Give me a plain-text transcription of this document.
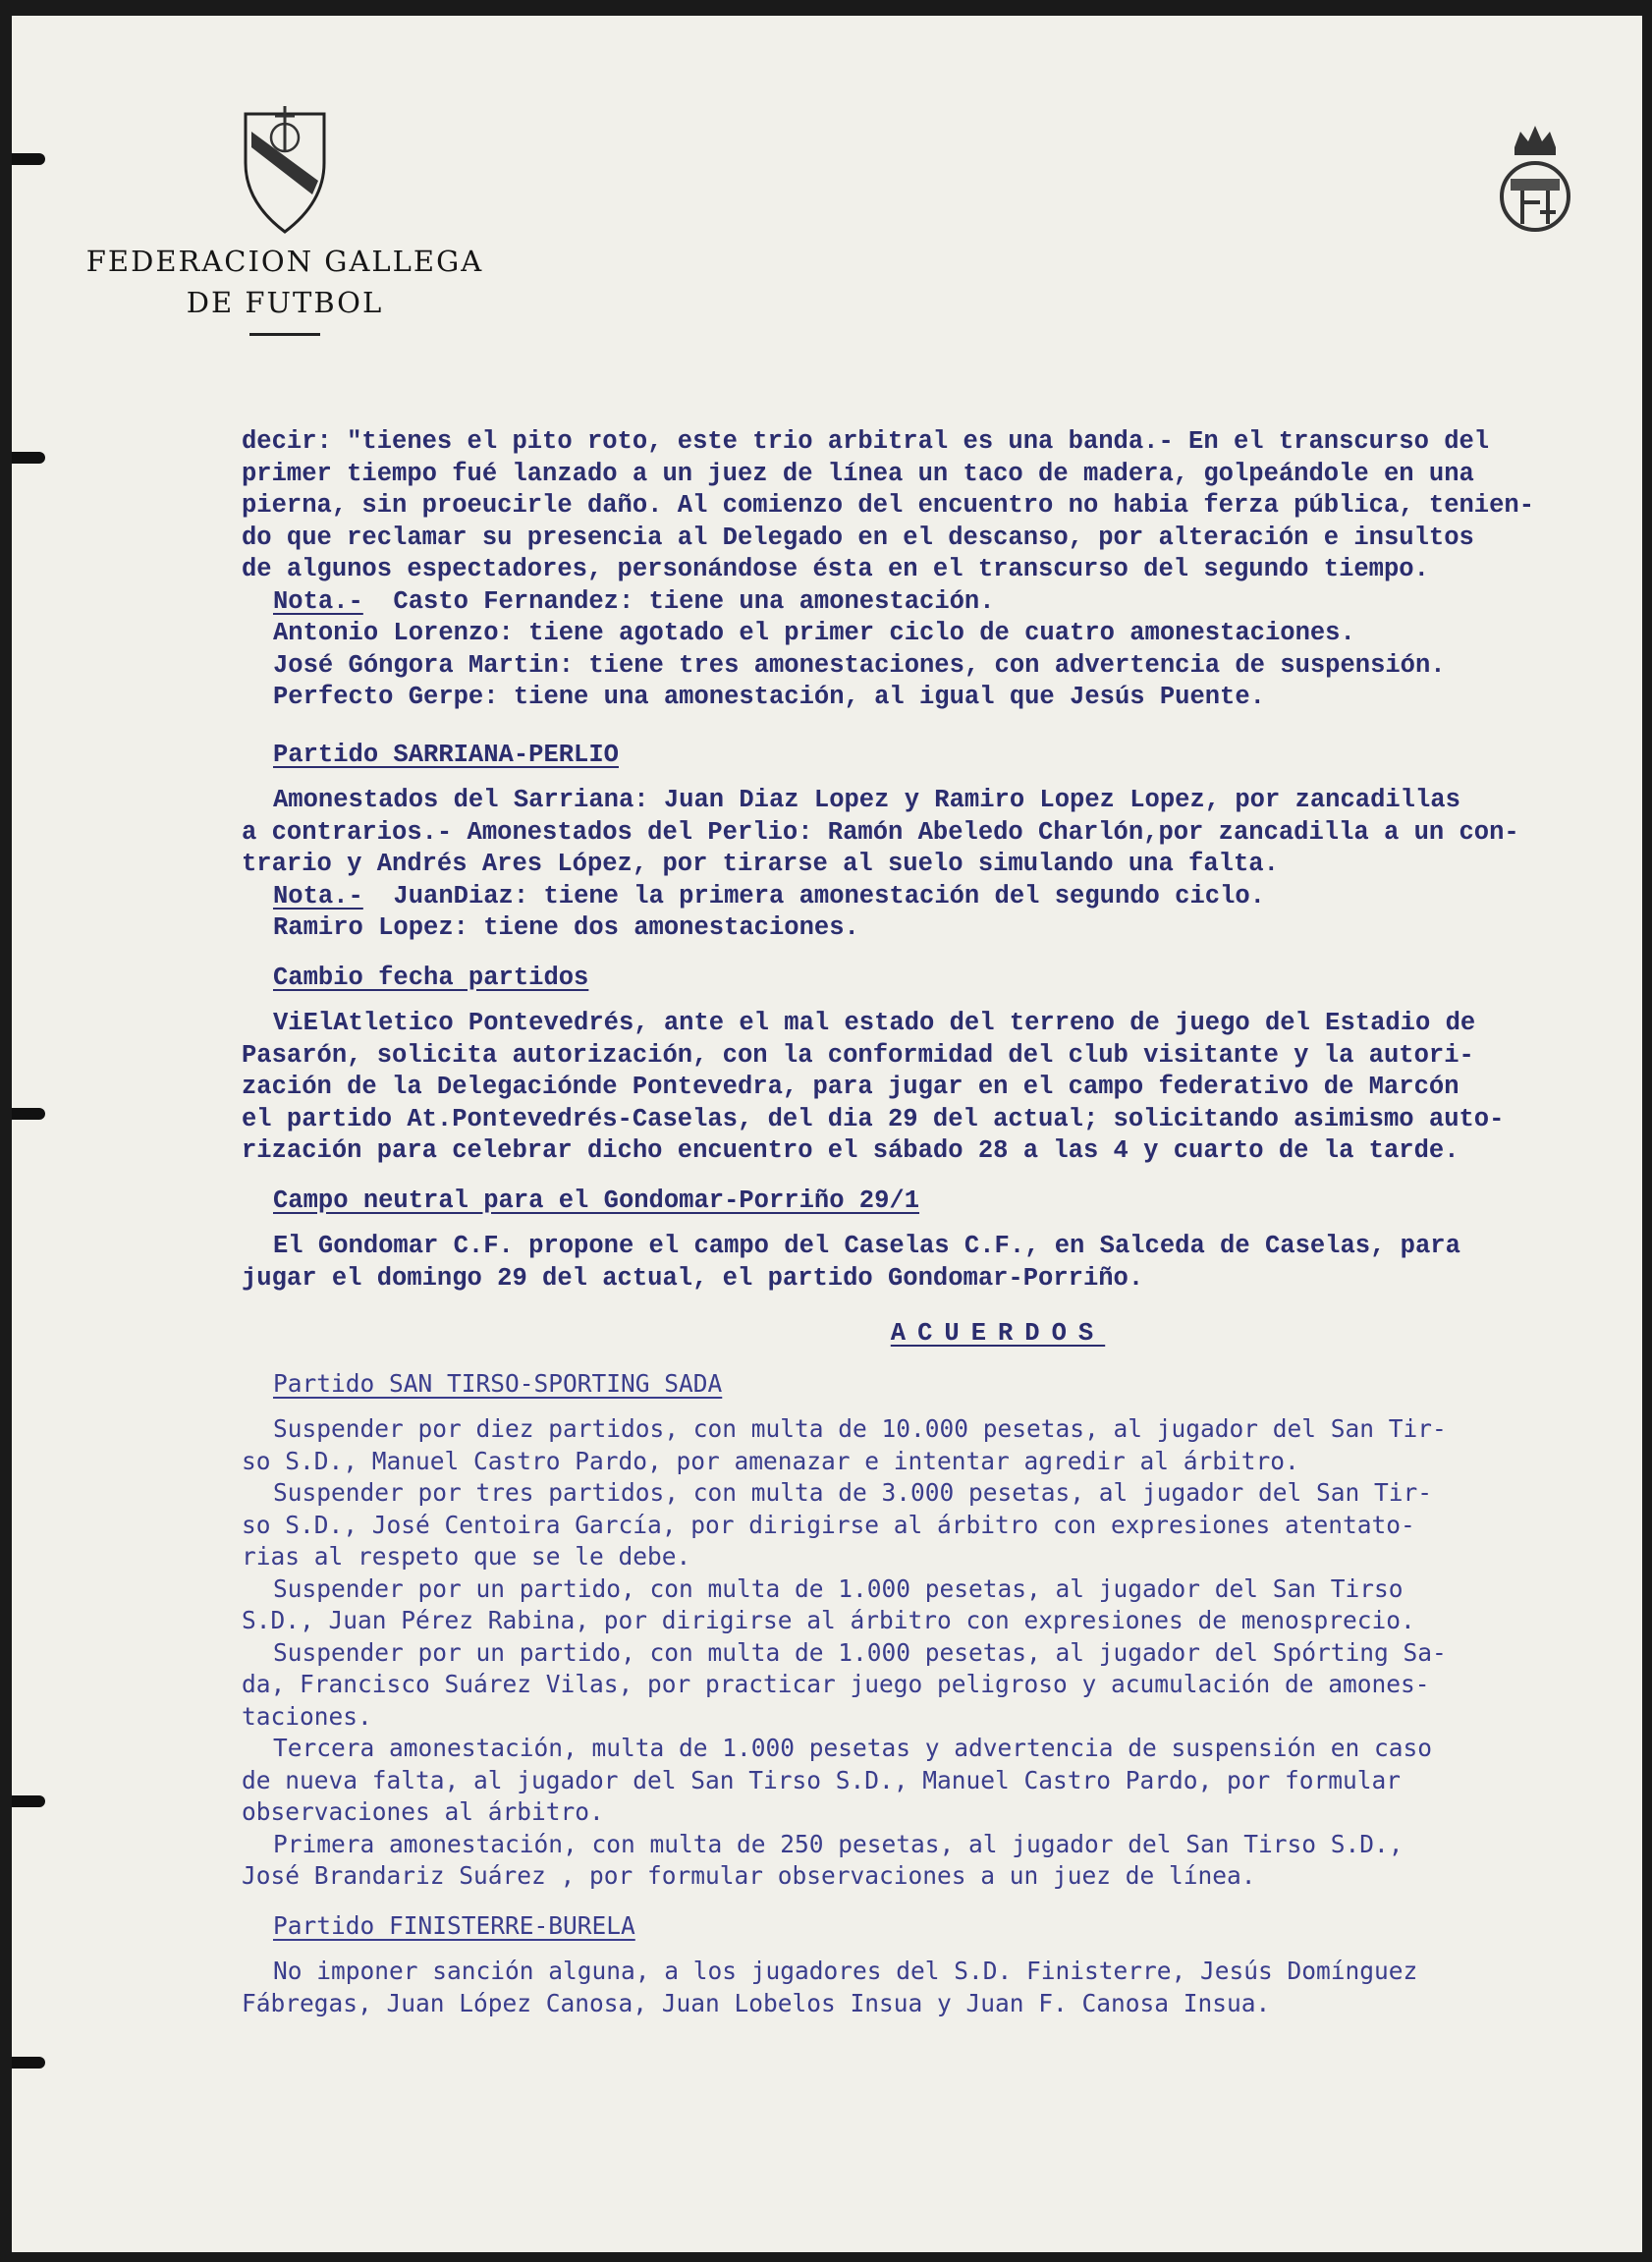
FEDERACION GALLEGA
DE FUTBOL

decir: "tienes el pito roto, este trio arbitral es una banda.- En el transcurso del

primer tiempo fué lanzado a un juez de línea un taco de madera, golpeándole en una

pierna, sin proeucirle daño. Al comienzo del encuentro no habia ferza pública, tenien-

do que reclamar su presencia al Delegado en el descanso, por alteración e insultos

de algunos espectadores, personándose ésta en el transcurso del segundo tiempo.

Nota.-  Casto Fernandez: tiene una amonestación.

Antonio Lorenzo: tiene agotado el primer ciclo de cuatro amonestaciones.

José Góngora Martin: tiene tres amonestaciones, con advertencia de suspensión.

Perfecto Gerpe: tiene una amonestación, al igual que Jesús Puente.

Partido SARRIANA-PERLIO

Amonestados del Sarriana: Juan Diaz Lopez y Ramiro Lopez Lopez, por zancadillas

a contrarios.- Amonestados del Perlio: Ramón Abeledo Charlón,por zancadilla a un con-

trario y Andrés Ares López, por tirarse al suelo simulando una falta.

Nota.-  JuanDiaz: tiene la primera amonestación del segundo ciclo.

Ramiro Lopez: tiene dos amonestaciones.

Cambio fecha partidos

ViElAtletico Pontevedrés, ante el mal estado del terreno de juego del Estadio de

Pasarón, solicita autorización, con la conformidad del club visitante y la autori-

zación de la Delegacióndе Pontevedra, para jugar en el campo federativo de Marcón

el partido At.Pontevedrés-Caselas, del dia 29 del actual; solicitando asimismo auto-

rización para celebrar dicho encuentro el sábado 28 a las 4 y cuarto de la tarde.

Campo neutral para el Gondomar-Porriño 29/1

El Gondomar C.F. propone el campo del Caselas C.F., en Salceda de Caselas, para

jugar el domingo 29 del actual, el partido Gondomar-Porriño.

ACUERDOS

Partido SAN TIRSO-SPORTING SADA

Suspender por diez partidos, con multa de 10.000 pesetas, al jugador del San Tir-

so S.D., Manuel Castro Pardo, por amenazar e intentar agredir al árbitro.

Suspender por tres partidos, con multa de 3.000 pesetas, al jugador del San Tir-

so S.D., José Centoira García, por dirigirse al árbitro con expresiones atentato-

rias al respeto que se le debe.

Suspender por un partido, con multa de 1.000 pesetas, al jugador del San Tirso

S.D., Juan Pérez Rabina, por dirigirse al árbitro con expresiones de menosprecio.

Suspender por un partido, con multa de 1.000 pesetas, al jugador del Spórting Sa-

da, Francisco Suárez Vilas, por practicar juego peligroso y acumulación de amones-

taciones.

Tercera amonestación, multa de 1.000 pesetas y advertencia de suspensión en caso

de nueva falta, al jugador del San Tirso S.D., Manuel Castro Pardo, por formular

observaciones al árbitro.

Primera amonestación, con multa de 250 pesetas, al jugador del San Tirso S.D.,

José Brandariz Suárez , por formular observaciones a un juez de línea.

Partido FINISTERRE-BURELA

No imponer sanción alguna, a los jugadores del S.D. Finisterre, Jesús Domínguez

Fábregas, Juan López Canosa, Juan Lobelos Insua y Juan F. Canosa Insua.
